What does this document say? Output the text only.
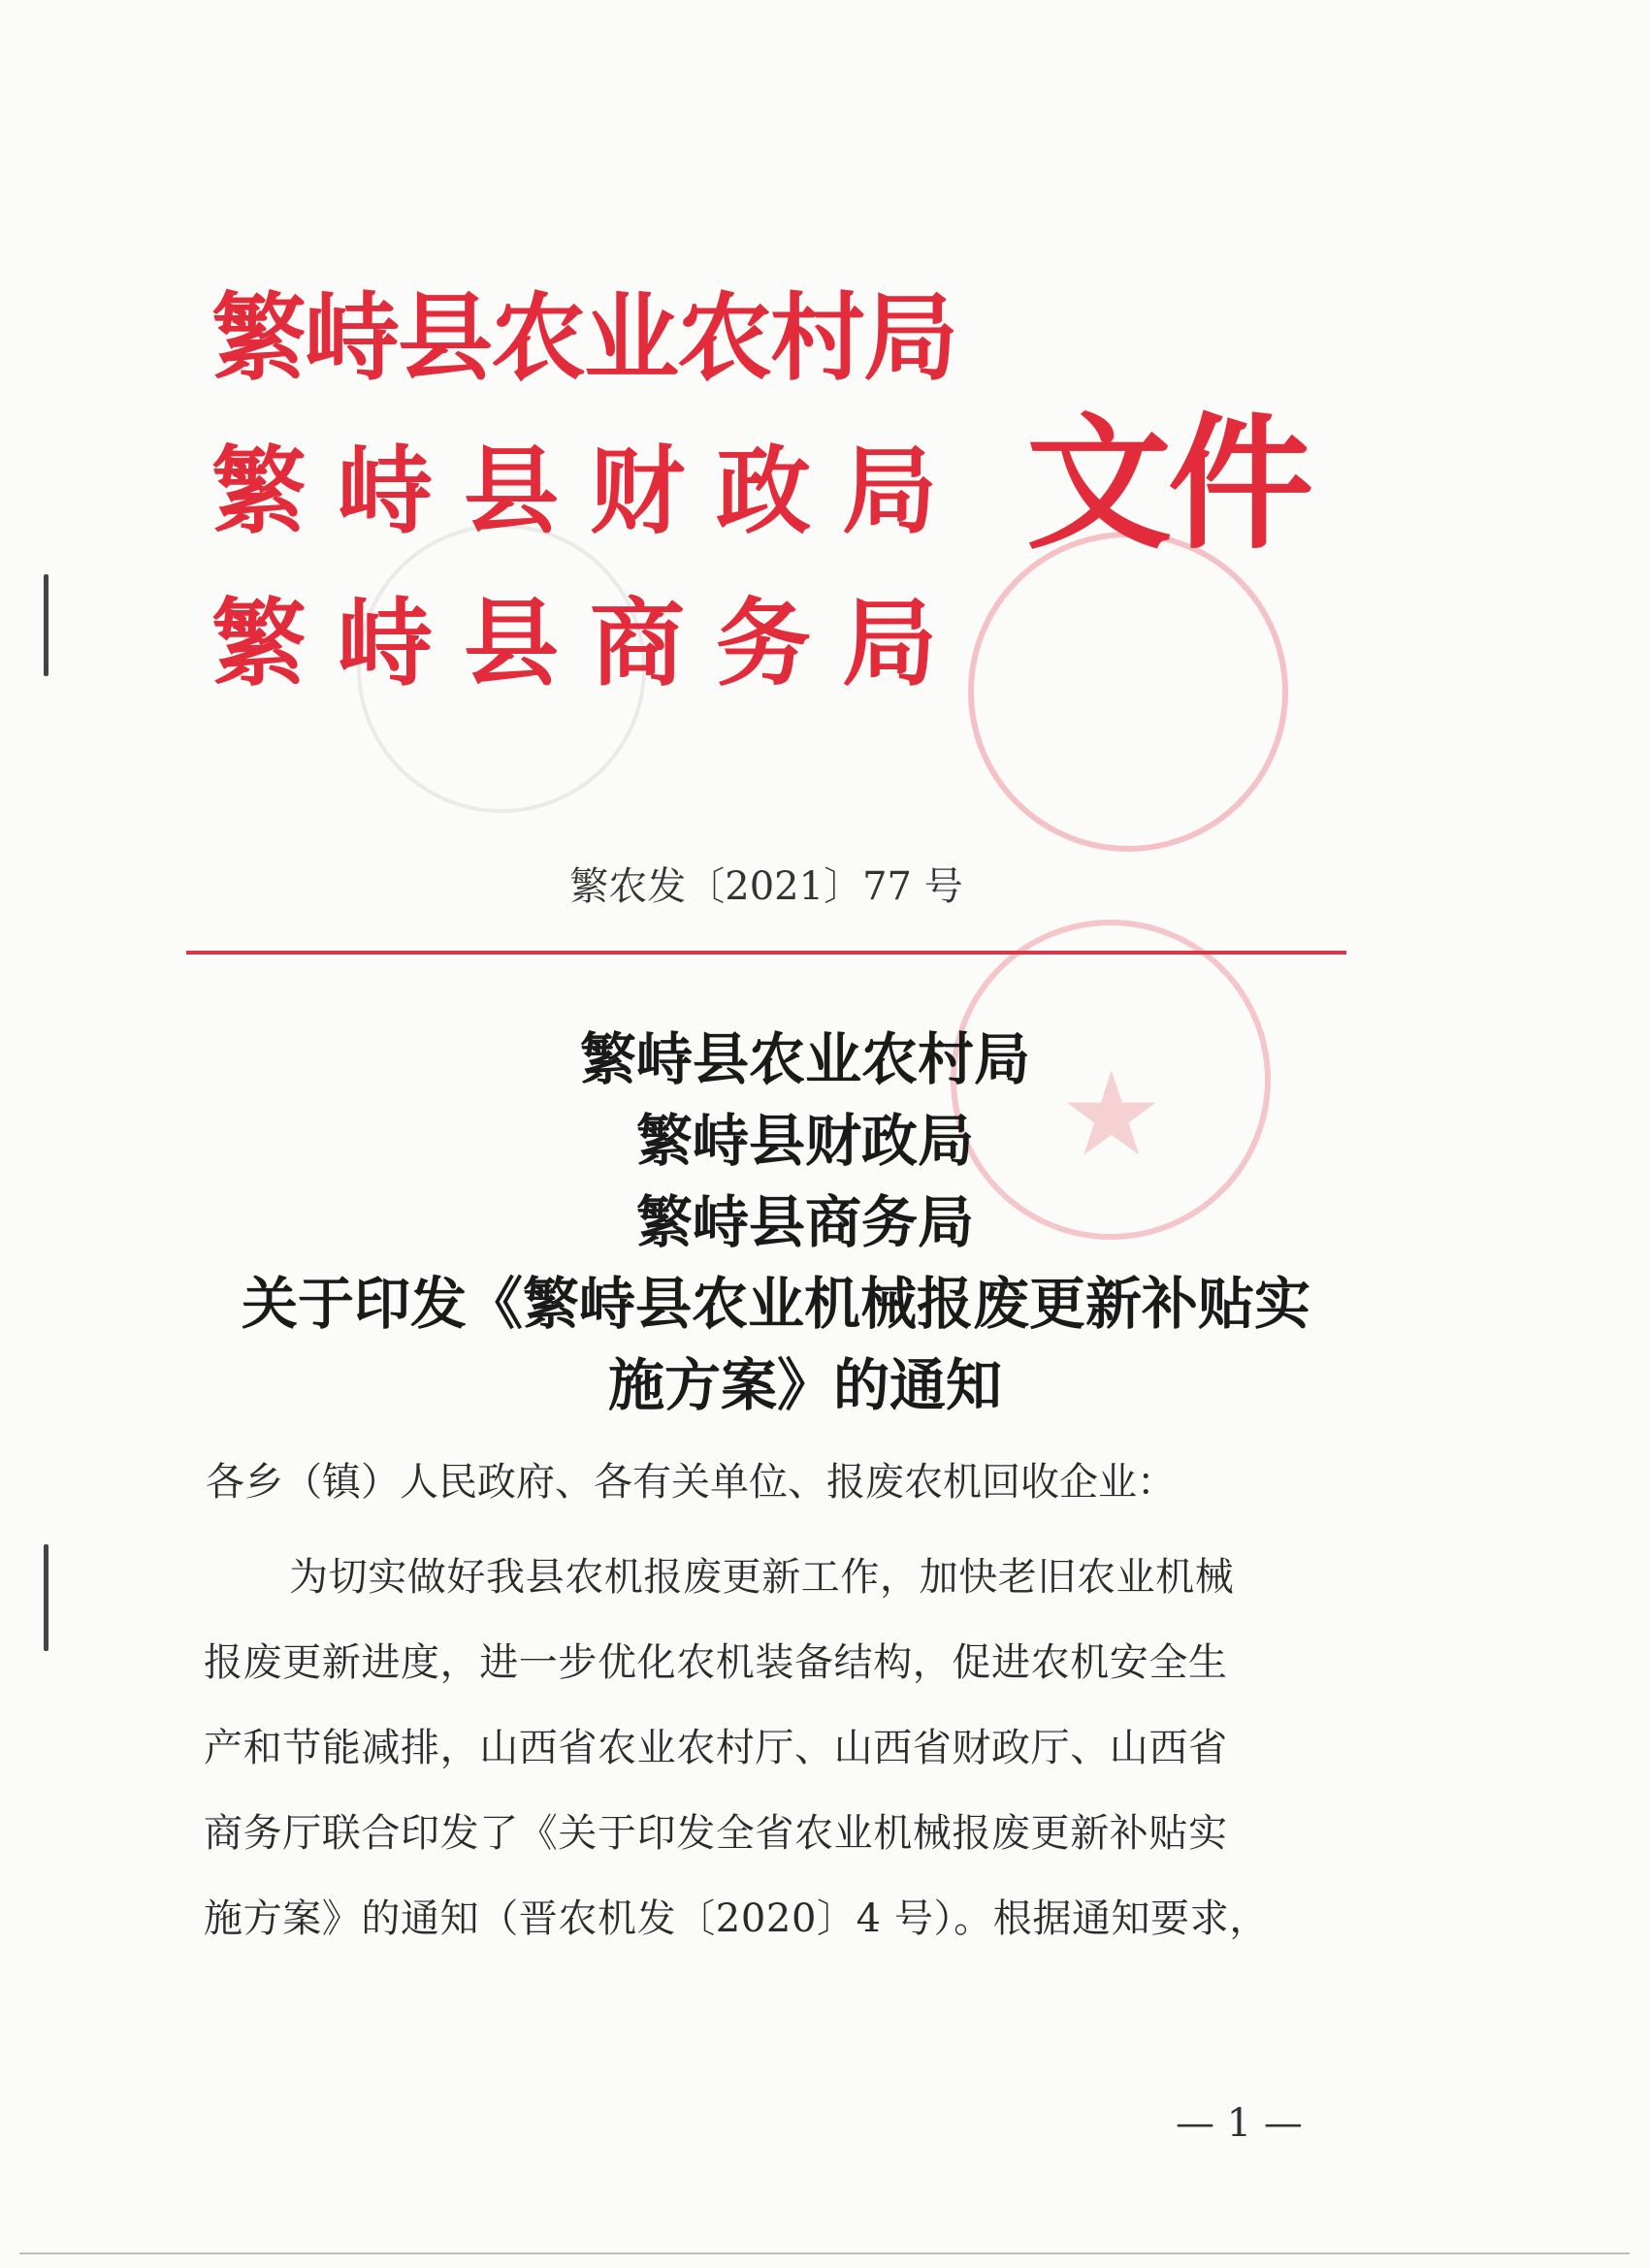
★
繁峙县农业农村局
繁峙县财政局
繁峙县商务局
文件
繁农发〔2021〕77 号
繁峙县农业农村局
繁峙县财政局
繁峙县商务局
关于印发《繁峙县农业机械报废更新补贴实
施方案》的通知
各乡（镇）人民政府、各有关单位、报废农机回收企业：
为切实做好我县农机报废更新工作，加快老旧农业机械
报废更新进度，进一步优化农机装备结构，促进农机安全生
产和节能减排，山西省农业农村厅、山西省财政厅、山西省
商务厅联合印发了《关于印发全省农业机械报废更新补贴实
施方案》的通知（晋农机发〔2020〕4 号）。根据通知要求，
— 1 —
